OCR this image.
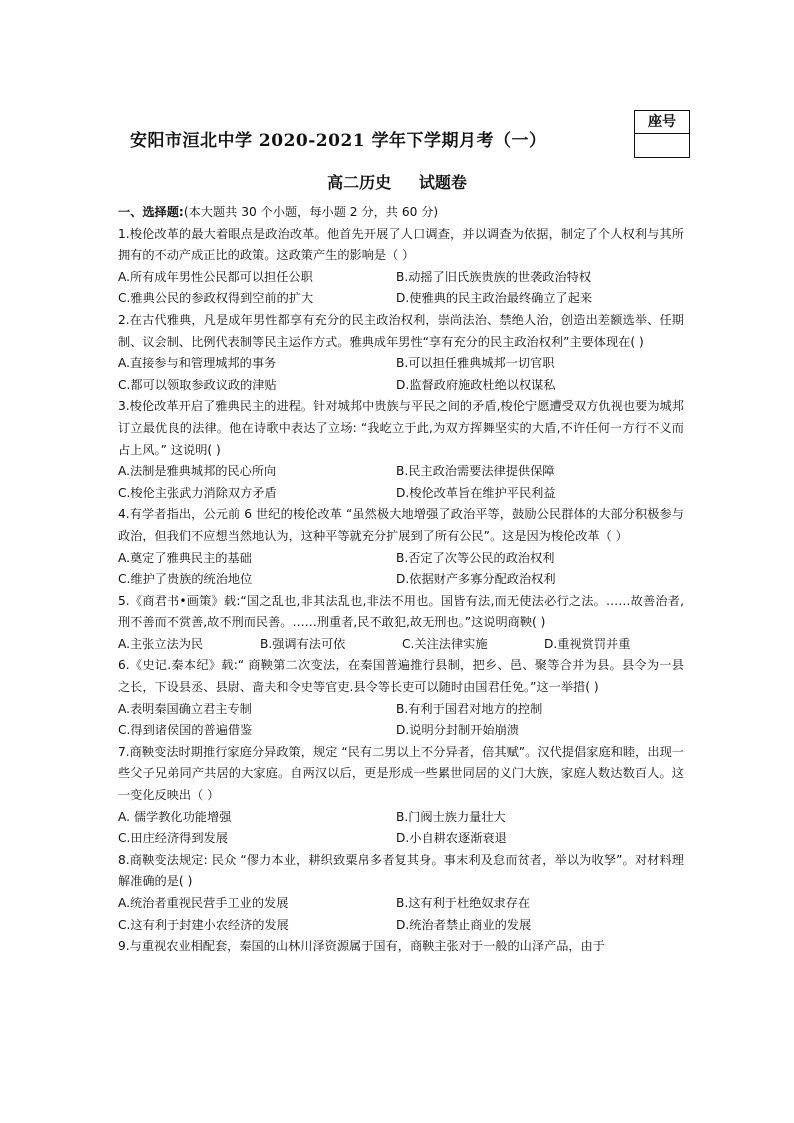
座号
安阳市洹北中学 2020-2021 学年下学期月考（一）
高二历史     试题卷
一、选择题:(本大题共 30 个小题，每小题 2 分，共 60 分)
1.梭伦改革的最大着眼点是政治改革。他首先开展了人口调查，并以调查为依据，制定了个人权利与其所拥有的不动产成正比的政策。这政策产生的影响是（ ）
A.所有成年男性公民都可以担任公职	B.动摇了旧氏族贵族的世袭政治特权
C.雅典公民的参政权得到空前的扩大	D.使雅典的民主政治最终确立了起来
2.在古代雅典，凡是成年男性都享有充分的民主政治权利，崇尚法治、禁绝人治，创造出差额选举、任期制、议会制、比例代表制等民主运作方式。雅典成年男性“享有充分的民主政治权利”主要体现在( )
A.直接参与和管理城邦的事务	B.可以担任雅典城邦一切官职
C.都可以领取参政议政的津贴	D.监督政府施政杜绝以权谋私
3.梭伦改革开启了雅典民主的进程。针对城邦中贵族与平民之间的矛盾,梭伦宁愿遭受双方仇视也要为城邦订立最优良的法律。他在诗歌中表达了立场: “我屹立于此,为双方挥舞坚实的大盾,不许任何一方行不义而占上风。” 这说明( )
A.法制是雅典城邦的民心所向	B.民主政治需要法律提供保障
C.梭伦主张武力消除双方矛盾	D.梭伦改革旨在维护平民利益
4.有学者指出，公元前 6 世纪的梭伦改革 “虽然极大地增强了政治平等，鼓励公民群体的大部分积极参与政治，但我们不应想当然地认为，这种平等就充分扩展到了所有公民”。这是因为梭伦改革（ ）
A.奠定了雅典民主的基础	B.否定了次等公民的政治权利
C.维护了贵族的统治地位	D.依据财产多寡分配政治权利
5.《商君书•画策》载:“国之乱也,非其法乱也,非法不用也。国皆有法,而无使法必行之法。……故善治者,刑不善而不赏善,故不刑而民善。……刑重者,民不敢犯,故无刑也。”这说明商鞅( )
A.主张立法为民	B.强调有法可依	C.关注法律实施	D.重视赏罚并重
6.《史记.秦本纪》载:“ 商鞅第二次变法，在秦国普遍推行县制，把乡、邑、聚等合并为县。县令为一县之长，下设县丞、县尉、啬夫和令史等官吏.县令等长吏可以随时由国君任免。”这一举措( )
A.表明秦国确立君主专制	B.有利于国君对地方的控制
C.得到诸侯国的普遍借鉴	D.说明分封制开始崩溃
7.商鞅变法时期推行家庭分异政策，规定 “民有二男以上不分异者，倍其赋”。汉代提倡家庭和睦，出现一些父子兄弟同产共居的大家庭。自两汉以后，更是形成一些累世同居的义门大族，家庭人数达数百人。这一变化反映出（ ）
A. 儒学教化功能增强	B.门阀士族力量壮大
C.田庄经济得到发展	D.小自耕农逐渐衰退
8.商鞅变法规定: 民众 “僇力本业，耕织致粟帛多者复其身。事末利及怠而贫者，举以为收孥”。对材料理解准确的是( )
A.统治者重视民营手工业的发展	B.这有利于杜绝奴隶存在
C.这有利于封建小农经济的发展	D.统治者禁止商业的发展
9.与重视农业相配套，秦国的山林川泽资源属于国有，商鞅主张对于一般的山泽产品，由于
